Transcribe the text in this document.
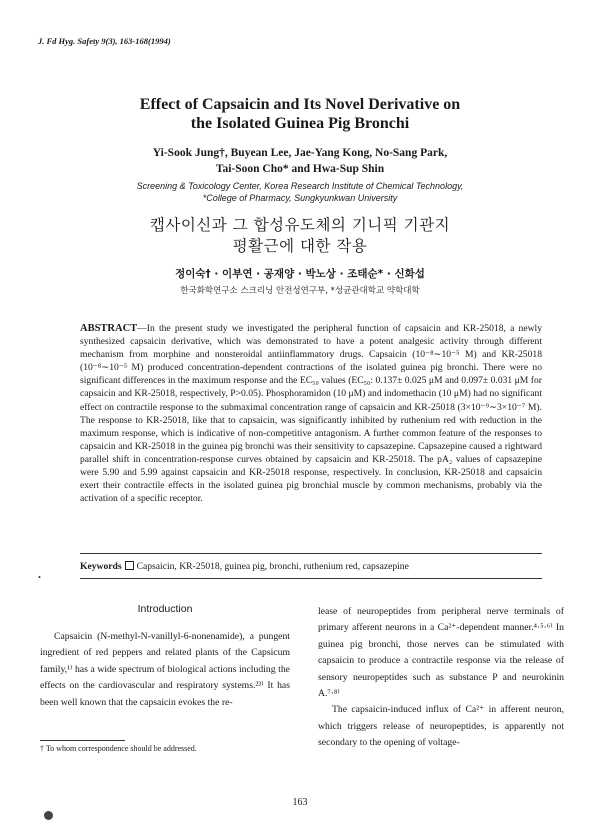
J. Fd Hyg. Safety 9(3), 163-168(1994)
Effect of Capsaicin and Its Novel Derivative on
the Isolated Guinea Pig Bronchi
Yi-Sook Jung†, Buyean Lee, Jae-Yang Kong, No-Sang Park,
Tai-Soon Cho* and Hwa-Sup Shin
Screening & Toxicology Center, Korea Research Institute of Chemical Technology,
*College of Pharmacy, Sungkyunkwan University
캡사이신과 그 합성유도체의 기니픽 기관지
평활근에 대한 작용
정이숙† · 이부연 · 공재양 · 박노상 · 조태순* · 신화섭
한국화학연구소 스크리닝 안전성연구부, *성균관대학교 약학대학
ABSTRACT—In the present study we investigated the peripheral function of capsaicin and KR-25018, a newly synthesized capsaicin derivative, which was demonstrated to have a potent analgesic activity through different mechanism from morphine and nonsteroidal antiinflammatory drugs. Capsaicin (10⁻⁸∼10⁻⁵ M) and KR-25018 (10⁻⁸∼10⁻⁵ M) produced concentration-dependent contractions of the isolated guinea pig bronchi. There were no significant differences in the maximum response and the EC₅₀ values (EC₅₀: 0.137± 0.025 μM and 0.097± 0.031 μM for capsaicin and KR-25018, respectively, P>0.05). Phosphoramidon (10 μM) and indomethacin (10 μM) had no significant effect on contractile response to the submaximal concentration range of capsaicin and KR-25018 (3×10⁻⁹∼3×10⁻⁷ M). The response to KR-25018, like that to capsaicin, was significantly inhibited by ruthenium red with reduction in the maximum response, which is indicative of non-competitive antagonism. A further common feature of the responses to capsaicin and KR-25018 in the guinea pig bronchi was their sensitivity to capsazepine. Capsazepine caused a rightward parallel shift in concentration-response curves obtained by capsaicin and KR-25018. The pA₂ values of capsazepine were 5.90 and 5.99 against capsaicin and KR-25018 response, respectively. In conclusion, KR-25018 and capsaicin exert their contractile effects in the isolated guinea pig bronchial muscle by common mechanisms, probably via the activation of a specific receptor.
.
Keywords Capsaicin, KR-25018, guinea pig, bronchi, ruthenium red, capsazepine
Introduction

Capsaicin (N-methyl-N-vanillyl-6-nonenamide), a pungent ingredient of red peppers and related plants of the Capsicum family,¹⁾ has a wide spectrum of biological actions including the effects on the cardiovascular and respiratory systems.²³⁾ It has been well known that the capsaicin evokes the re-

lease of neuropeptides from peripheral nerve terminals of primary afferent neurons in a Ca²⁺-dependent manner.⁴·⁵·⁶⁾ In guinea pig bronchi, those nerves can be stimulated with capsaicin to produce a contractile response via the release of sensory neuropeptides such as substance P and neurokinin A.⁷·⁸⁾

The capsaicin-induced influx of Ca²⁺ in afferent neuron, which triggers release of neuropeptides, is apparently not secondary to the opening of voltage-

† To whom correspondence should be addressed.
163
